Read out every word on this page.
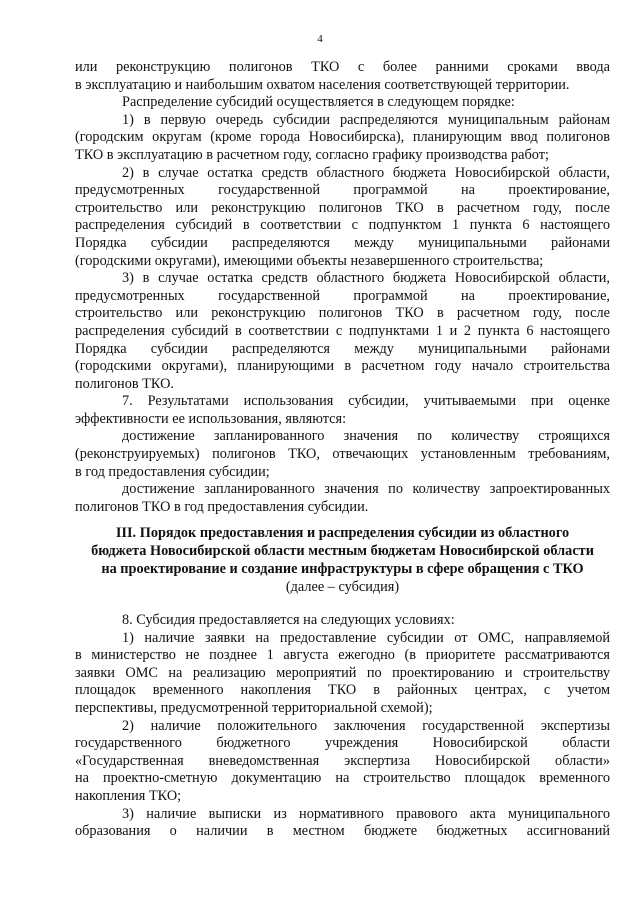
4

или реконструкцию полигонов ТКО с более ранними сроками ввода
в эксплуатацию и наибольшим охватом населения соответствующей территории.

Распределение субсидий осуществляется в следующем порядке:

1) в первую очередь субсидии распределяются муниципальным районам
(городским округам (кроме города Новосибирска), планирующим ввод полигонов
ТКО в эксплуатацию в расчетном году, согласно графику производства работ;

2) в случае остатка средств областного бюджета Новосибирской области,
предусмотренных государственной программой на проектирование,
строительство или реконструкцию полигонов ТКО в расчетном году, после
распределения субсидий в соответствии с подпунктом 1 пункта 6 настоящего
Порядка субсидии распределяются между муниципальными районами
(городскими округами), имеющими объекты незавершенного строительства;

3) в случае остатка средств областного бюджета Новосибирской области,
предусмотренных государственной программой на проектирование,
строительство или реконструкцию полигонов ТКО в расчетном году, после
распределения субсидий в соответствии с подпунктами 1 и 2 пункта 6 настоящего
Порядка субсидии распределяются между муниципальными районами
(городскими округами), планирующими в расчетном году начало строительства
полигонов ТКО.

7. Результатами использования субсидии, учитываемыми при оценке
эффективности ее использования, являются:

достижение запланированного значения по количеству строящихся
(реконструируемых) полигонов ТКО, отвечающих установленным требованиям,
в год предоставления субсидии;

достижение запланированного значения по количеству запроектированных
полигонов ТКО в год предоставления субсидии.

III. Порядок предоставления и распределения субсидии из областного

бюджета Новосибирской области местным бюджетам Новосибирской области

на проектирование и создание инфраструктуры в сфере обращения с ТКО

(далее – субсидия)

8. Субсидия предоставляется на следующих условиях:

1) наличие заявки на предоставление субсидии от ОМС, направляемой
в министерство не позднее 1 августа ежегодно (в приоритете рассматриваются
заявки ОМС на реализацию мероприятий по проектированию и строительству
площадок временного накопления ТКО в районных центрах, с учетом
перспективы, предусмотренной территориальной схемой);

2) наличие положительного заключения государственной экспертизы
государственного бюджетного учреждения Новосибирской области
«Государственная вневедомственная экспертиза Новосибирской области»
на проектно-сметную документацию на строительство площадок временного
накопления ТКО;

3) наличие выписки из нормативного правового акта муниципального
образования о наличии в местном бюджете бюджетных ассигнований
